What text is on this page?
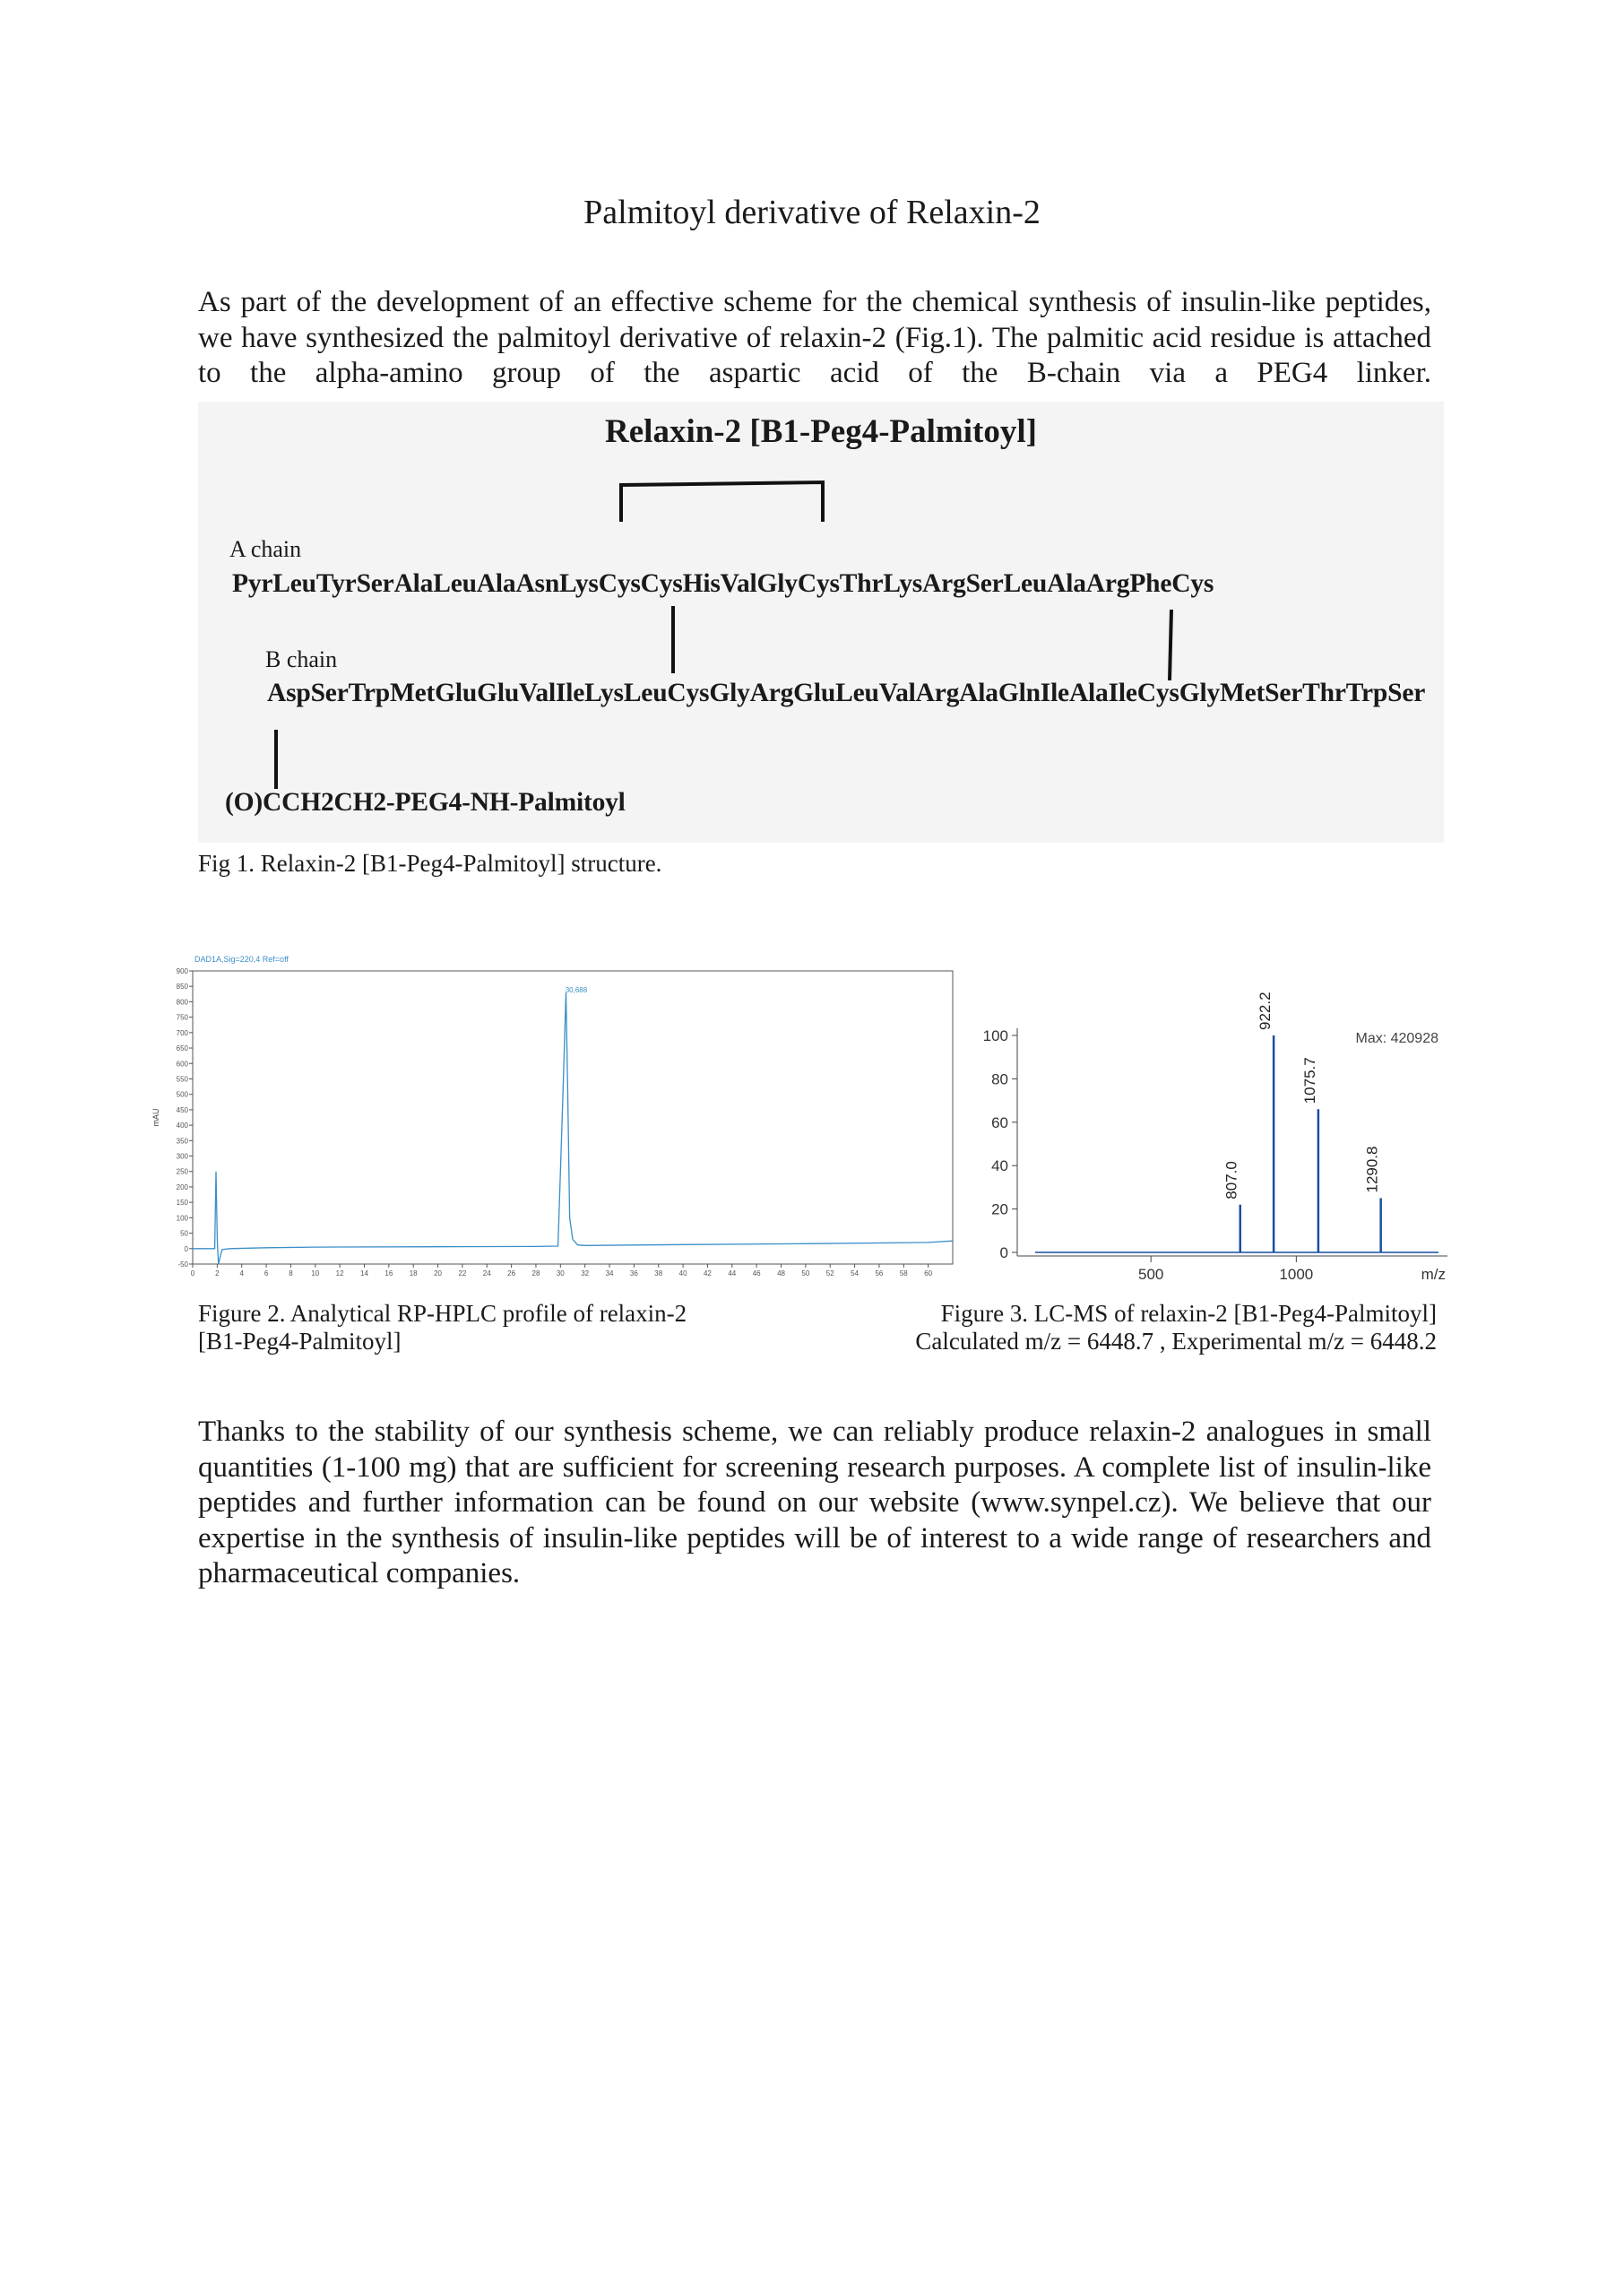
Palmitoyl derivative of Relaxin-2

As part of the development of an effective scheme for the chemical synthesis of insulin-like peptides, we have synthesized the palmitoyl derivative of relaxin-2 (Fig.1). The palmitic acid residue is attached to the alpha-amino group of the aspartic acid of the B-chain via a PEG4 linker.

Relaxin-2 [B1-Peg4-Palmitoyl]
A chain
PyrLeuTyrSerAlaLeuAlaAsnLysCysCysHisValGlyCysThrLysArgSerLeuAlaArgPheCys
B chain
AspSerTrpMetGluGluValIleLysLeuCysGlyArgGluLeuValArgAlaGlnIleAlaIleCysGlyMetSerThrTrpSer
(O)CCH2CH2-PEG4-NH-Palmitoyl
Fig 1. Relaxin-2 [B1-Peg4-Palmitoyl] structure.
DAD1A,Sig=220,4 Ref=off
mAU
-50
0
50
100
150
200
250
300
350
400
450
500
550
600
650
700
750
800
850
900
0	2	4	6	8	10 12 14 16 18 20 22 24 26 28 30 32 34 36 38 40 42 44 46 48 50 52 54 56 58 60
30,688
0
20
40
60
80
100
500	1000	m/z
807.0
922.2
1075.7
1290.8
Max: 420928
Figure 2. Analytical RP-HPLC profile of relaxin-2
[B1-Peg4-Palmitoyl]
Figure 3. LC-MS of relaxin-2 [B1-Peg4-Palmitoyl]
Calculated m/z = 6448.7 , Experimental m/z = 6448.2

Thanks to the stability of our synthesis scheme, we can reliably produce relaxin-2 analogues in small quantities (1-100 mg) that are sufficient for screening research purposes. A complete list of insulin-like peptides and further information can be found on our website (www.synpel.cz). We believe that our expertise in the synthesis of insulin-like peptides will be of interest to a wide range of researchers and pharmaceutical companies.
